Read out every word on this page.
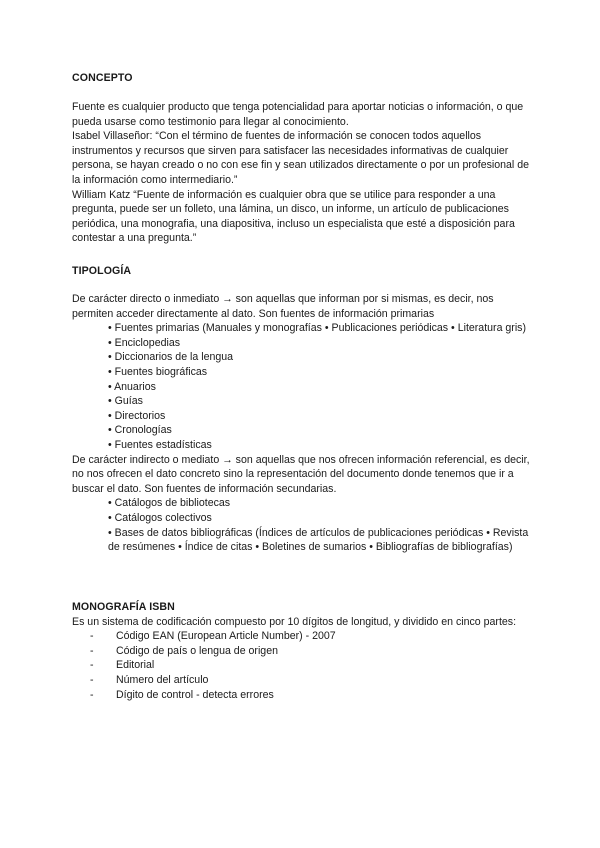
CONCEPTO

Fuente es cualquier producto que tenga potencialidad para aportar noticias o información, o que pueda usarse como testimonio para llegar al conocimiento.

Isabel Villaseñor: “Con el término de fuentes de información se conocen todos aquellos instrumentos y recursos que sirven para satisfacer las necesidades informativas de cualquier persona, se hayan creado o no con ese fin y sean utilizados directamente o por un profesional de la información como intermediario.”

William Katz “Fuente de información es cualquier obra que se utilice para responder a una pregunta, puede ser un folleto, una lámina, un disco, un informe, un artículo de publicaciones periódica, una monografia, una diapositiva, incluso un especialista que esté a disposición para contestar a una pregunta.”

TIPOLOGÍA

De carácter directo o inmediato → son aquellas que informan por si mismas, es decir, nos permiten acceder directamente al dato. Son fuentes de información primarias

• Fuentes primarias (Manuales y monografías • Publicaciones periódicas • Literatura gris)
• Enciclopedias
• Diccionarios de la lengua
• Fuentes biográficas
• Anuarios
• Guías
• Directorios
• Cronologías
• Fuentes estadísticas

De carácter indirecto o mediato → son aquellas que nos ofrecen información referencial, es decir, no nos ofrecen el dato concreto sino la representación del documento donde tenemos que ir a buscar el dato. Son fuentes de información secundarias.

• Catálogos de bibliotecas
• Catálogos colectivos
• Bases de datos bibliográficas (Índices de artículos de publicaciones periódicas • Revista de resúmenes • Índice de citas • Boletines de sumarios • Bibliografías de bibliografías)
MONOGRAFÍA ISBN

Es un sistema de codificación compuesto por 10 dígitos de longitud, y dividido en cinco partes:

- Código EAN (European Article Number) - 2007
- Código de país o lengua de origen
- Editorial
- Número del artículo
- Dígito de control - detecta errores
